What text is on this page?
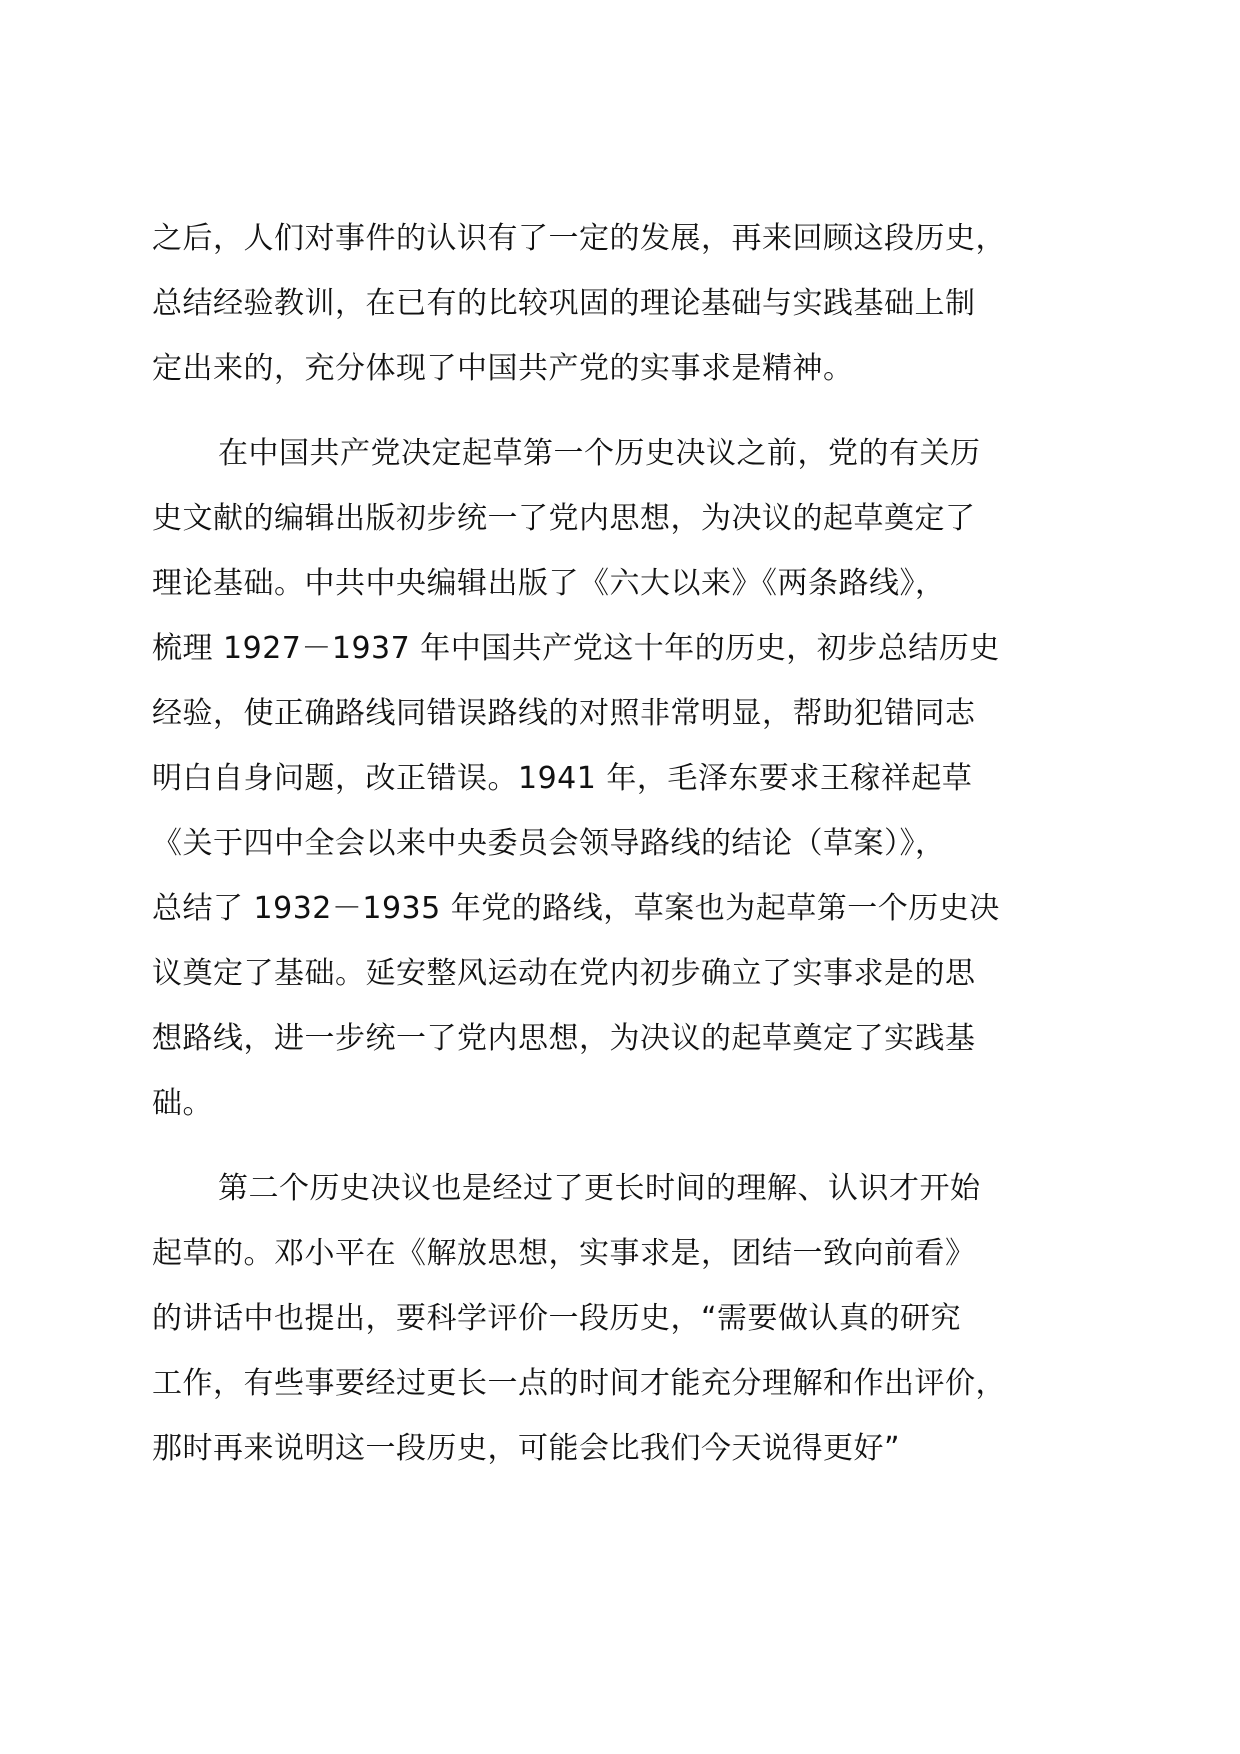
之后，人们对事件的认识有了一定的发展，再来回顾这段历史，
总结经验教训，在已有的比较巩固的理论基础与实践基础上制
定出来的，充分体现了中国共产党的实事求是精神。

在中国共产党决定起草第一个历史决议之前，党的有关历
史文献的编辑出版初步统一了党内思想，为决议的起草奠定了
理论基础。中共中央编辑出版了《六大以来》《两条路线》，
梳理 1927－1937 年中国共产党这十年的历史，初步总结历史
经验，使正确路线同错误路线的对照非常明显，帮助犯错同志
明白自身问题，改正错误。1941 年，毛泽东要求王稼祥起草
《关于四中全会以来中央委员会领导路线的结论（草案）》，
总结了 1932－1935 年党的路线，草案也为起草第一个历史决
议奠定了基础。延安整风运动在党内初步确立了实事求是的思
想路线，进一步统一了党内思想，为决议的起草奠定了实践基
础。

第二个历史决议也是经过了更长时间的理解、认识才开始
起草的。邓小平在《解放思想，实事求是，团结一致向前看》
的讲话中也提出，要科学评价一段历史，“需要做认真的研究
工作，有些事要经过更长一点的时间才能充分理解和作出评价，
那时再来说明这一段历史，可能会比我们今天说得更好”
